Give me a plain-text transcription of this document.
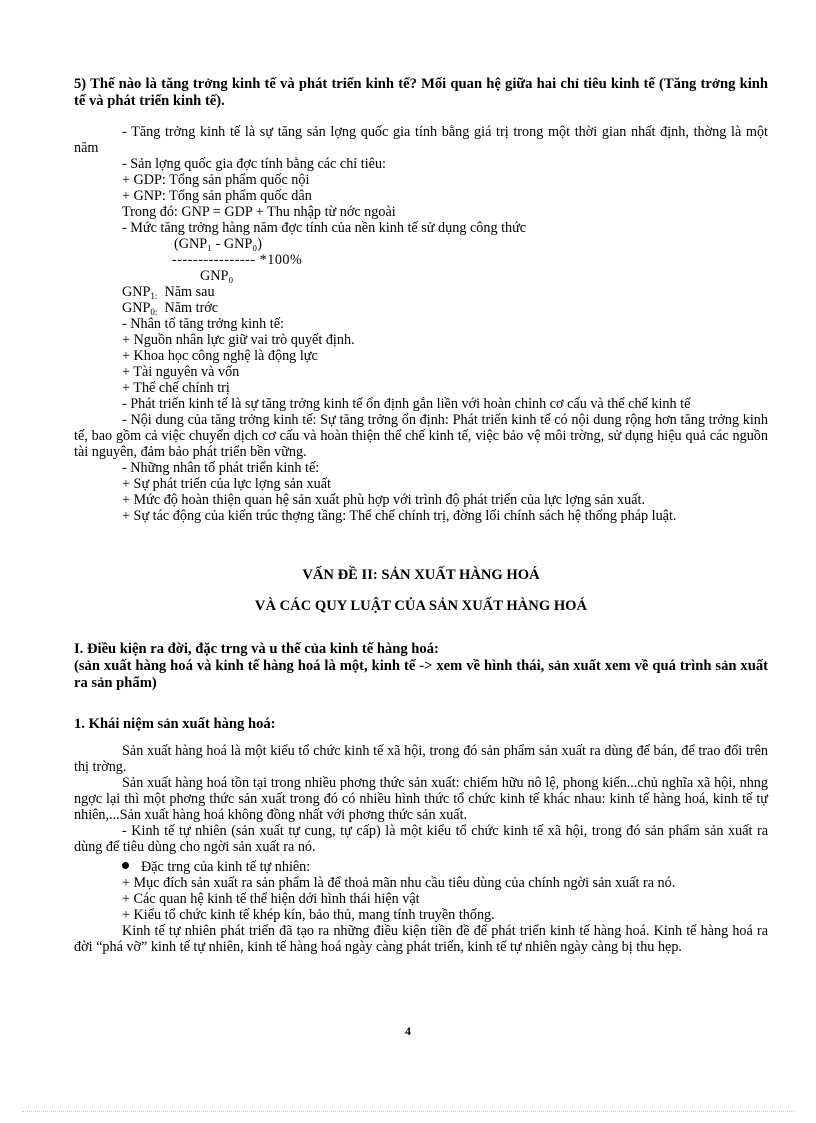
5) Thế nào là tăng trởng kinh tế và phát triển kinh tế? Mối quan hệ giữa hai chỉ tiêu kinh tế (Tăng trởng kinh tế và phát triển kinh tế).

- Tăng trởng kinh tế là sự tăng sản lợng quốc gia tính bằng giá trị trong một thời gian nhất định, thờng là một năm

- Sản lợng quốc gia đợc tính bằng các chỉ tiêu:

+ GDP: Tổng sản phẩm quốc nội

+ GNP: Tổng sản phẩm quốc dân

Trong đó: GNP = GDP + Thu nhập từ nớc ngoài

- Mức tăng trởng hàng năm đợc tính của nền kinh tế sử dụng công thức

(GNP₁ - GNP₀)

---------------- *100%

GNP₀

$GNP_{1:}$ Năm sau

$GNP_{0:}$ Năm trớc

- Nhân tố tăng trởng kinh tế:

+ Nguồn nhân lực giữ vai trò quyết định.

+ Khoa học công nghệ là động lực

+ Tài nguyên và vốn

+ Thể chế chính trị

- Phát triển kinh tế là sự tăng trởng kinh tế ổn định gắn liền với hoàn chỉnh cơ cấu và thể chế kinh tế

- Nội dung của tăng trởng kinh tế: Sự tăng trởng ổn định: Phát triển kinh tế có nội dung rộng hơn tăng trởng kinh tế, bao gồm cả việc chuyển dịch cơ cấu và hoàn thiện thể chế kinh tế, việc bảo vệ môi trờng, sử dụng hiệu quả các nguồn tài nguyên, đảm bảo phát triển bền vững.

- Những nhân tố phát triển kinh tế:

+ Sự phát triển của lực lợng sản xuất

+ Mức độ hoàn thiện quan hệ sản xuất phù hợp với trình độ phát triển của lực lợng sản xuất.

+ Sự tác động của kiến trúc thợng tầng: Thể chế chính trị, đờng lối chính sách hệ thống pháp luật.

VẤN ĐỀ II: SẢN XUẤT HÀNG HOÁ

VÀ CÁC QUY LUẬT CỦA SẢN XUẤT HÀNG HOÁ

I. Điều kiện ra đời, đặc trng và u thế của kinh tế hàng hoá:

(sản xuất hàng hoá và kinh tế hàng hoá là một, kinh tế -> xem về hình thái, sản xuất xem về quá trình sản xuất ra sản phẩm)

1. Khái niệm sản xuất hàng hoá:

Sản xuất hàng hoá là một kiểu tổ chức kinh tế xã hội, trong đó sản phẩm sản xuất ra dùng để bán, để trao đổi trên thị trờng.

Sản xuất hàng hoá tồn tại trong nhiều phơng thức sản xuất: chiếm hữu nô lệ, phong kiến...chủ nghĩa xã hội, nhng ngợc lại thì một phơng thức sản xuất trong đó có nhiều hình thức tổ chức kinh tế khác nhau: kinh tế hàng hoá, kinh tế tự nhiên,...Sản xuất hàng hoá không đồng nhất với phơng thức sản xuất.

- Kinh tế tự nhiên (sản xuất tự cung, tự cấp) là một kiểu tổ chức kinh tế xã hội, trong đó sản phẩm sản xuất ra dùng để tiêu dùng cho ngời sản xuất ra nó.

Đặc trng của kinh tế tự nhiên:

+ Mục đích sản xuất ra sản phẩm là để thoả mãn nhu cầu tiêu dùng của chính ngời sản xuất ra nó.

+ Các quan hệ kinh tế thể hiện dới hình thái hiện vật

+ Kiểu tổ chức kinh tế khép kín, bảo thủ, mang tính truyền thống.

Kinh tế tự nhiên phát triển đã tạo ra những điều kiện tiền đề để phát triển kinh tế hàng hoá. Kinh tế hàng hoá ra đời “phá vỡ” kinh tế tự nhiên, kinh tế hàng hoá ngày càng phát triển, kinh tế tự nhiên ngày càng bị thu hẹp.

4
